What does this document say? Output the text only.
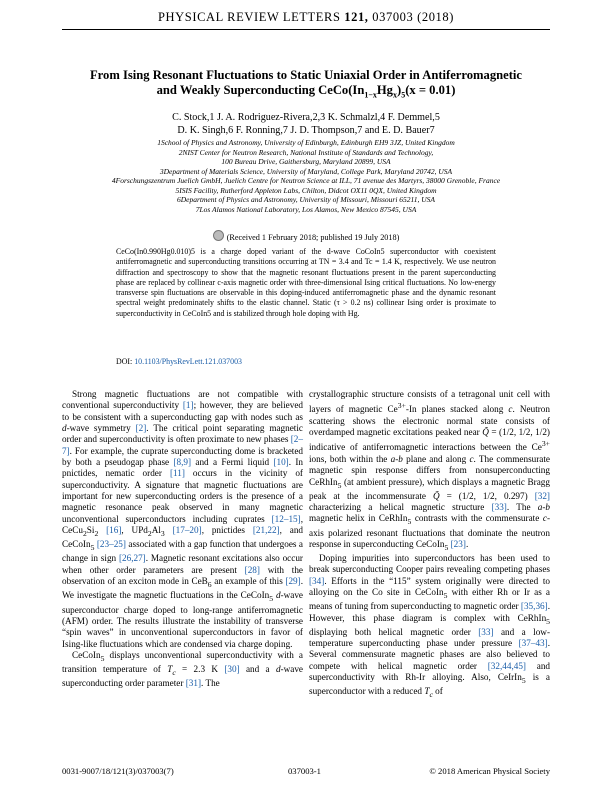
PHYSICAL REVIEW LETTERS 121, 037003 (2018)
From Ising Resonant Fluctuations to Static Uniaxial Order in Antiferromagnetic
and Weakly Superconducting $CeCo(In_{1-x}Hg_x)_5(x = 0.01)$
C. Stock,1 J. A. Rodriguez-Rivera,2,3 K. Schmalzl,4 F. Demmel,5
D. K. Singh,6 F. Ronning,7 J. D. Thompson,7 and E. D. Bauer7
1School of Physics and Astronomy, University of Edinburgh, Edinburgh EH9 3JZ, United Kingdom
2NIST Center for Neutron Research, National Institute of Standards and Technology,
100 Bureau Drive, Gaithersburg, Maryland 20899, USA
3Department of Materials Science, University of Maryland, College Park, Maryland 20742, USA
4Forschungszentrum Juelich GmbH, Juelich Centre for Neutron Science at ILL, 71 avenue des Martyrs, 38000 Grenoble, France
5ISIS Facility, Rutherford Appleton Labs, Chilton, Didcot OX11 0QX, United Kingdom
6Department of Physics and Astronomy, University of Missouri, Missouri 65211, USA
7Los Alamos National Laboratory, Los Alamos, New Mexico 87545, USA
(Received 1 February 2018; published 19 July 2018)
CeCo(In0.990Hg0.010)5 is a charge doped variant of the d-wave CoCoIn5 superconductor with coexistent antiferromagnetic and superconducting transitions occurring at TN = 3.4 and Tc = 1.4 K, respectively. We use neutron diffraction and spectroscopy to show that the magnetic resonant fluctuations present in the parent superconducting phase are replaced by collinear c-axis magnetic order with three-dimensional Ising critical fluctuations. No low-energy transverse spin fluctuations are observable in this doping-induced antiferromagnetic phase and the dynamic resonant spectral weight predominately shifts to the elastic channel. Static (τ > 0.2 ns) collinear Ising order is proximate to superconductivity in CeCoIn5 and is stabilized through hole doping with Hg.
DOI: 10.1103/PhysRevLett.121.037003

Strong magnetic fluctuations are not compatible with conventional superconductivity [1]; however, they are believed to be consistent with a superconducting gap with nodes such as d-wave symmetry [2]. The critical point separating magnetic order and superconductivity is often proximate to new phases [2–7]. For example, the cuprate superconducting dome is bracketed by both a pseudogap phase [8,9] and a Fermi liquid [10]. In pnictides, nematic order [11] occurs in the vicinity of superconductivity. A signature that magnetic fluctuations are important for new superconducting orders is the presence of a magnetic resonance peak observed in many magnetic unconventional superconductors including cuprates [12–15], $CeCu_2Si_2$ [16], $UPd_2Al_3$ [17–20], pnictides [21,22], and CeCoIn$_5$ [23–25] associated with a gap function that undergoes a change in sign [26,27]. Magnetic resonant excitations also occur when other order parameters are present [28] with the observation of an exciton mode in CeB$_6$ an example of this [29]. We investigate the magnetic fluctuations in the CeCoIn$_5$ d-wave superconductor charge doped to long-range antiferromagnetic (AFM) order. The results illustrate the instability of transverse “spin waves” in unconventional superconductors in favor of Ising-like fluctuations which are condensed via charge doping.

CeCoIn$_5$ displays unconventional superconductivity with a transition temperature of $T_c = 2.3$ K [30] and a d-wave superconducting order parameter [31]. The

crystallographic structure consists of a tetragonal unit cell with layers of magnetic $Ce^{3+}-In$ planes stacked along c. Neutron scattering shows the electronic normal state consists of overdamped magnetic excitations peaked near Q̃ = (1/2, 1/2, 1/2) indicative of antiferromagnetic interactions between the $Ce^{3+}$ ions, both within the a-b plane and along c. The commensurate magnetic spin response differs from nonsuperconducting CeRhIn$_5$ (at ambient pressure), which displays a magnetic Bragg peak at the incommensurate Q̃ = (1/2, 1/2, 0.297) [32] characterizing a helical magnetic structure [33]. The a-b magnetic helix in CeRhIn$_5$ contrasts with the commensurate c-axis polarized resonant fluctuations that dominate the neutron response in superconducting CeCoIn$_5$ [23].

Doping impurities into superconductors has been used to break superconducting Cooper pairs revealing competing phases [34]. Efforts in the “115” system originally were directed to alloying on the Co site in CeCoIn$_5$ with either Rh or Ir as a means of tuning from superconducting to magnetic order [35,36]. However, this phase diagram is complex with CeRhIn$_5$ displaying both helical magnetic order [33] and a low-temperature superconducting phase under pressure [37–43]. Several commensurate magnetic phases are also believed to compete with helical magnetic order [32,44,45] and superconductivity with Rh-Ir alloying. Also, CeIrIn$_5$ is a superconductor with a reduced $T_c$ of

0031-9007/18/121(3)/037003(7)	037003-1	© 2018 American Physical Society
